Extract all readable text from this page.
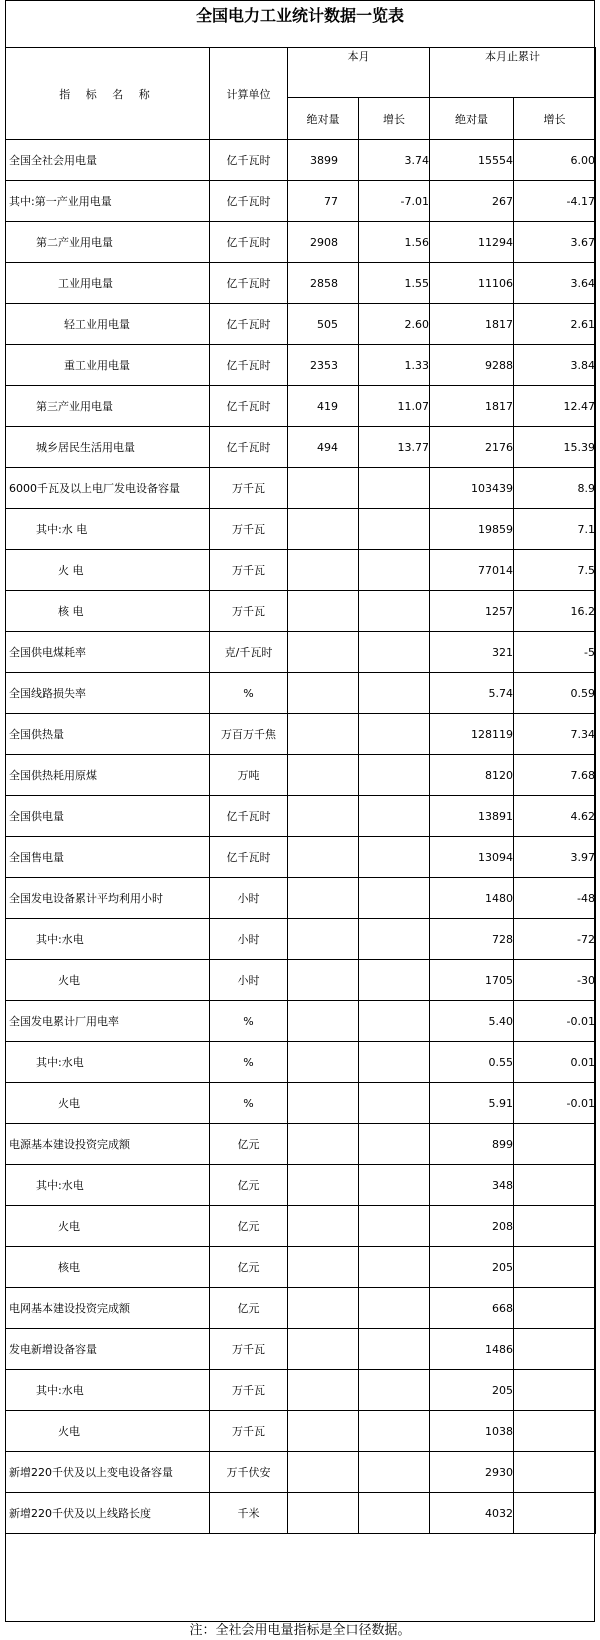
全国电力工业统计数据一览表
指 标 名 称	计算单位	本月		本月止累计	
		绝对量	增长	绝对量	增长
全国全社会用电量	亿千瓦时	3899	3.74	15554	6.00
其中:第一产业用电量	亿千瓦时	77	-7.01	267	-4.17
第二产业用电量	亿千瓦时	2908	1.56	11294	3.67
工业用电量	亿千瓦时	2858	1.55	11106	3.64
轻工业用电量	亿千瓦时	505	2.60	1817	2.61
重工业用电量	亿千瓦时	2353	1.33	9288	3.84
第三产业用电量	亿千瓦时	419	11.07	1817	12.47
城乡居民生活用电量	亿千瓦时	494	13.77	2176	15.39
6000千瓦及以上电厂发电设备容量	万千瓦			103439	8.9
其中:水 电	万千瓦			19859	7.1
火 电	万千瓦			77014	7.5
核 电	万千瓦			1257	16.2
全国供电煤耗率	克/千瓦时			321	-5
全国线路损失率	%			5.74	0.59
全国供热量	万百万千焦			128119	7.34
全国供热耗用原煤	万吨			8120	7.68
全国供电量	亿千瓦时			13891	4.62
全国售电量	亿千瓦时			13094	3.97
全国发电设备累计平均利用小时	小时			1480	-48
其中:水电	小时			728	-72
火电	小时			1705	-30
全国发电累计厂用电率	%			5.40	-0.01
其中:水电	%			0.55	0.01
火电	%			5.91	-0.01
电源基本建设投资完成额	亿元			899	
其中:水电	亿元			348	
火电	亿元			208	
核电	亿元			205	
电网基本建设投资完成额	亿元			668	
发电新增设备容量	万千瓦			1486	
其中:水电	万千瓦			205	
火电	万千瓦			1038	
新增220千伏及以上变电设备容量	万千伏安			2930	
新增220千伏及以上线路长度	千米			4032	
注：全社会用电量指标是全口径数据。
